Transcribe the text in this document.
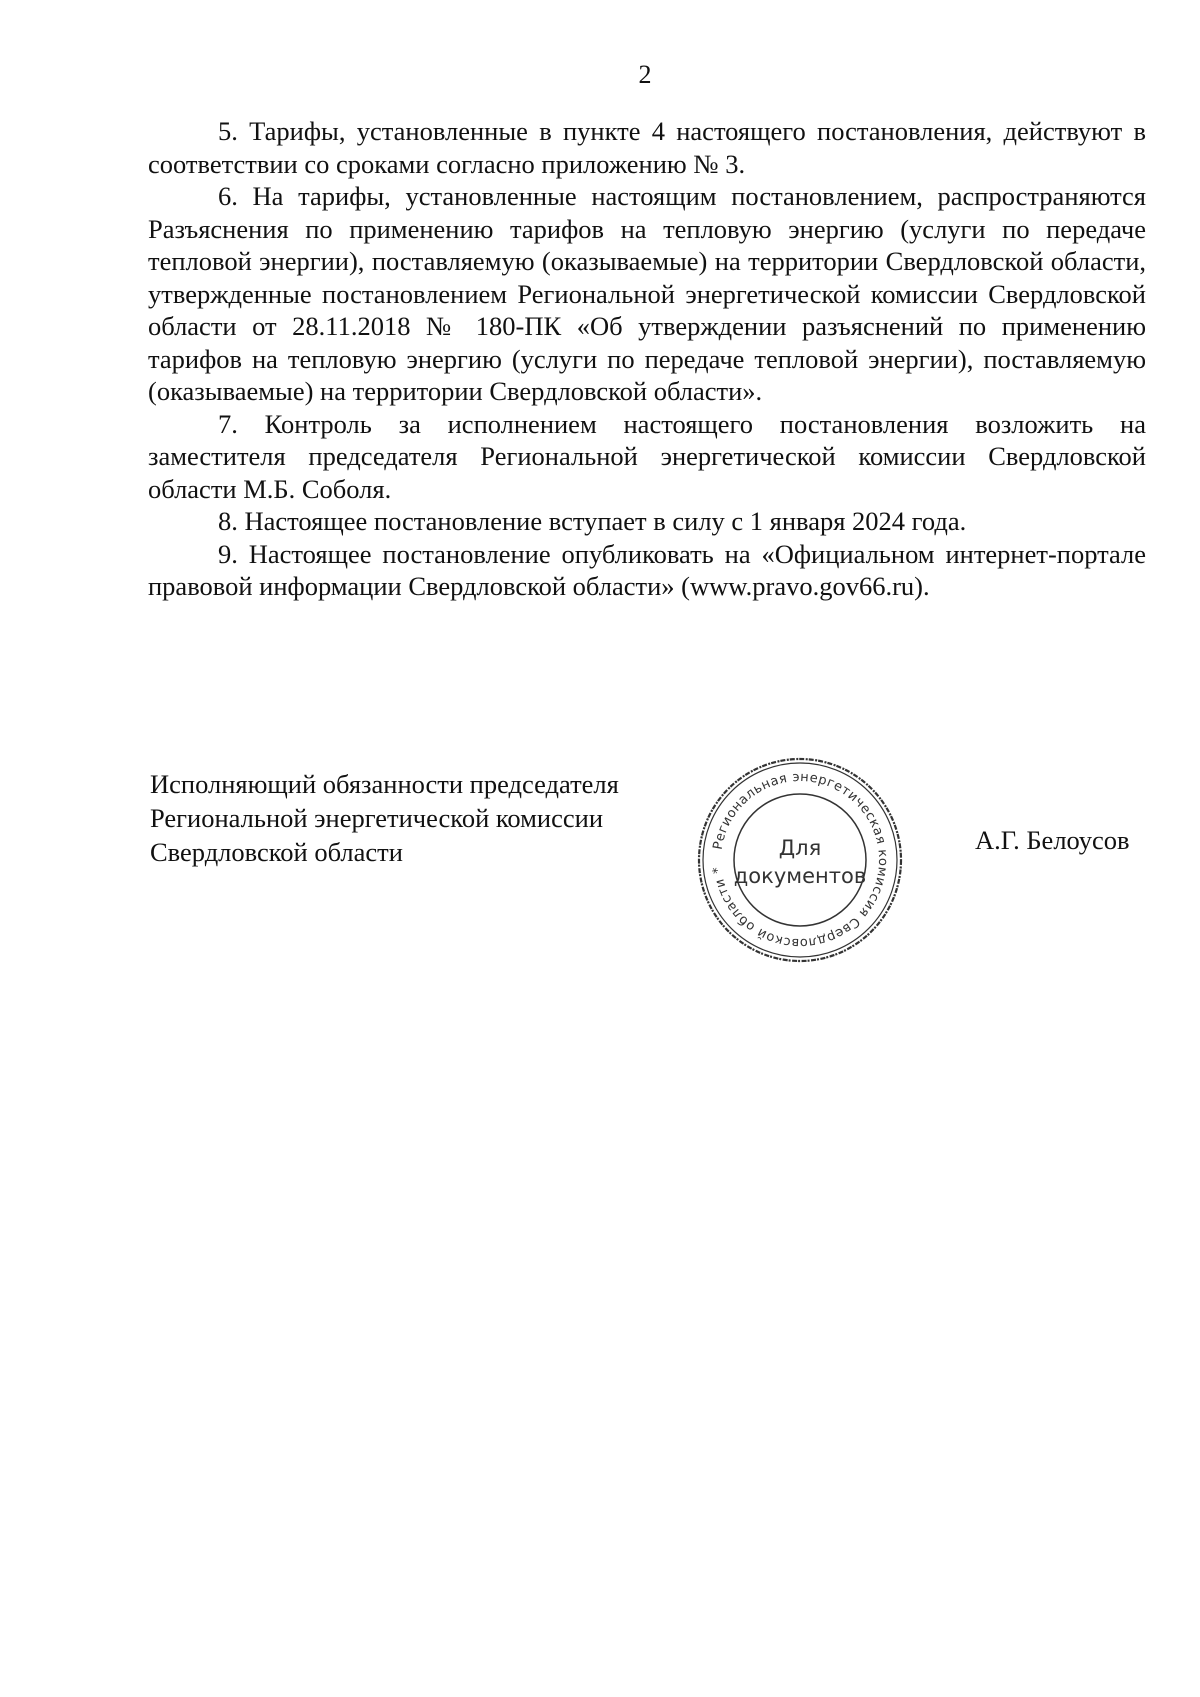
2

5. Тарифы, установленные в пункте 4 настоящего постановления, действуют в соответствии со сроками согласно приложению № 3.

6. На тарифы, установленные настоящим постановлением, распространяются Разъяснения по применению тарифов на тепловую энергию (услуги по передаче тепловой энергии), поставляемую (оказываемые) на территории Свердловской области, утвержденные постановлением Региональной энергетической комиссии Свердловской области от 28.11.2018 № 180-ПК «Об утверждении разъяснений по применению тарифов на тепловую энергию (услуги по передаче тепловой энергии), поставляемую (оказываемые) на территории Свердловской области».

7. Контроль за исполнением настоящего постановления возложить на заместителя председателя Региональной энергетической комиссии Свердловской области М.Б. Соболя.

8. Настоящее постановление вступает в силу с 1 января 2024 года.

9. Настоящее постановление опубликовать на «Официальном интернет-портале правовой информации Свердловской области» (www.pravo.gov66.ru).

Исполняющий обязанности председателя
Региональной энергетической комиссии
Свердловской области	Региональная энергетическая комиссия Свердловской области *
Для
документов
А.Г. Белоусов
